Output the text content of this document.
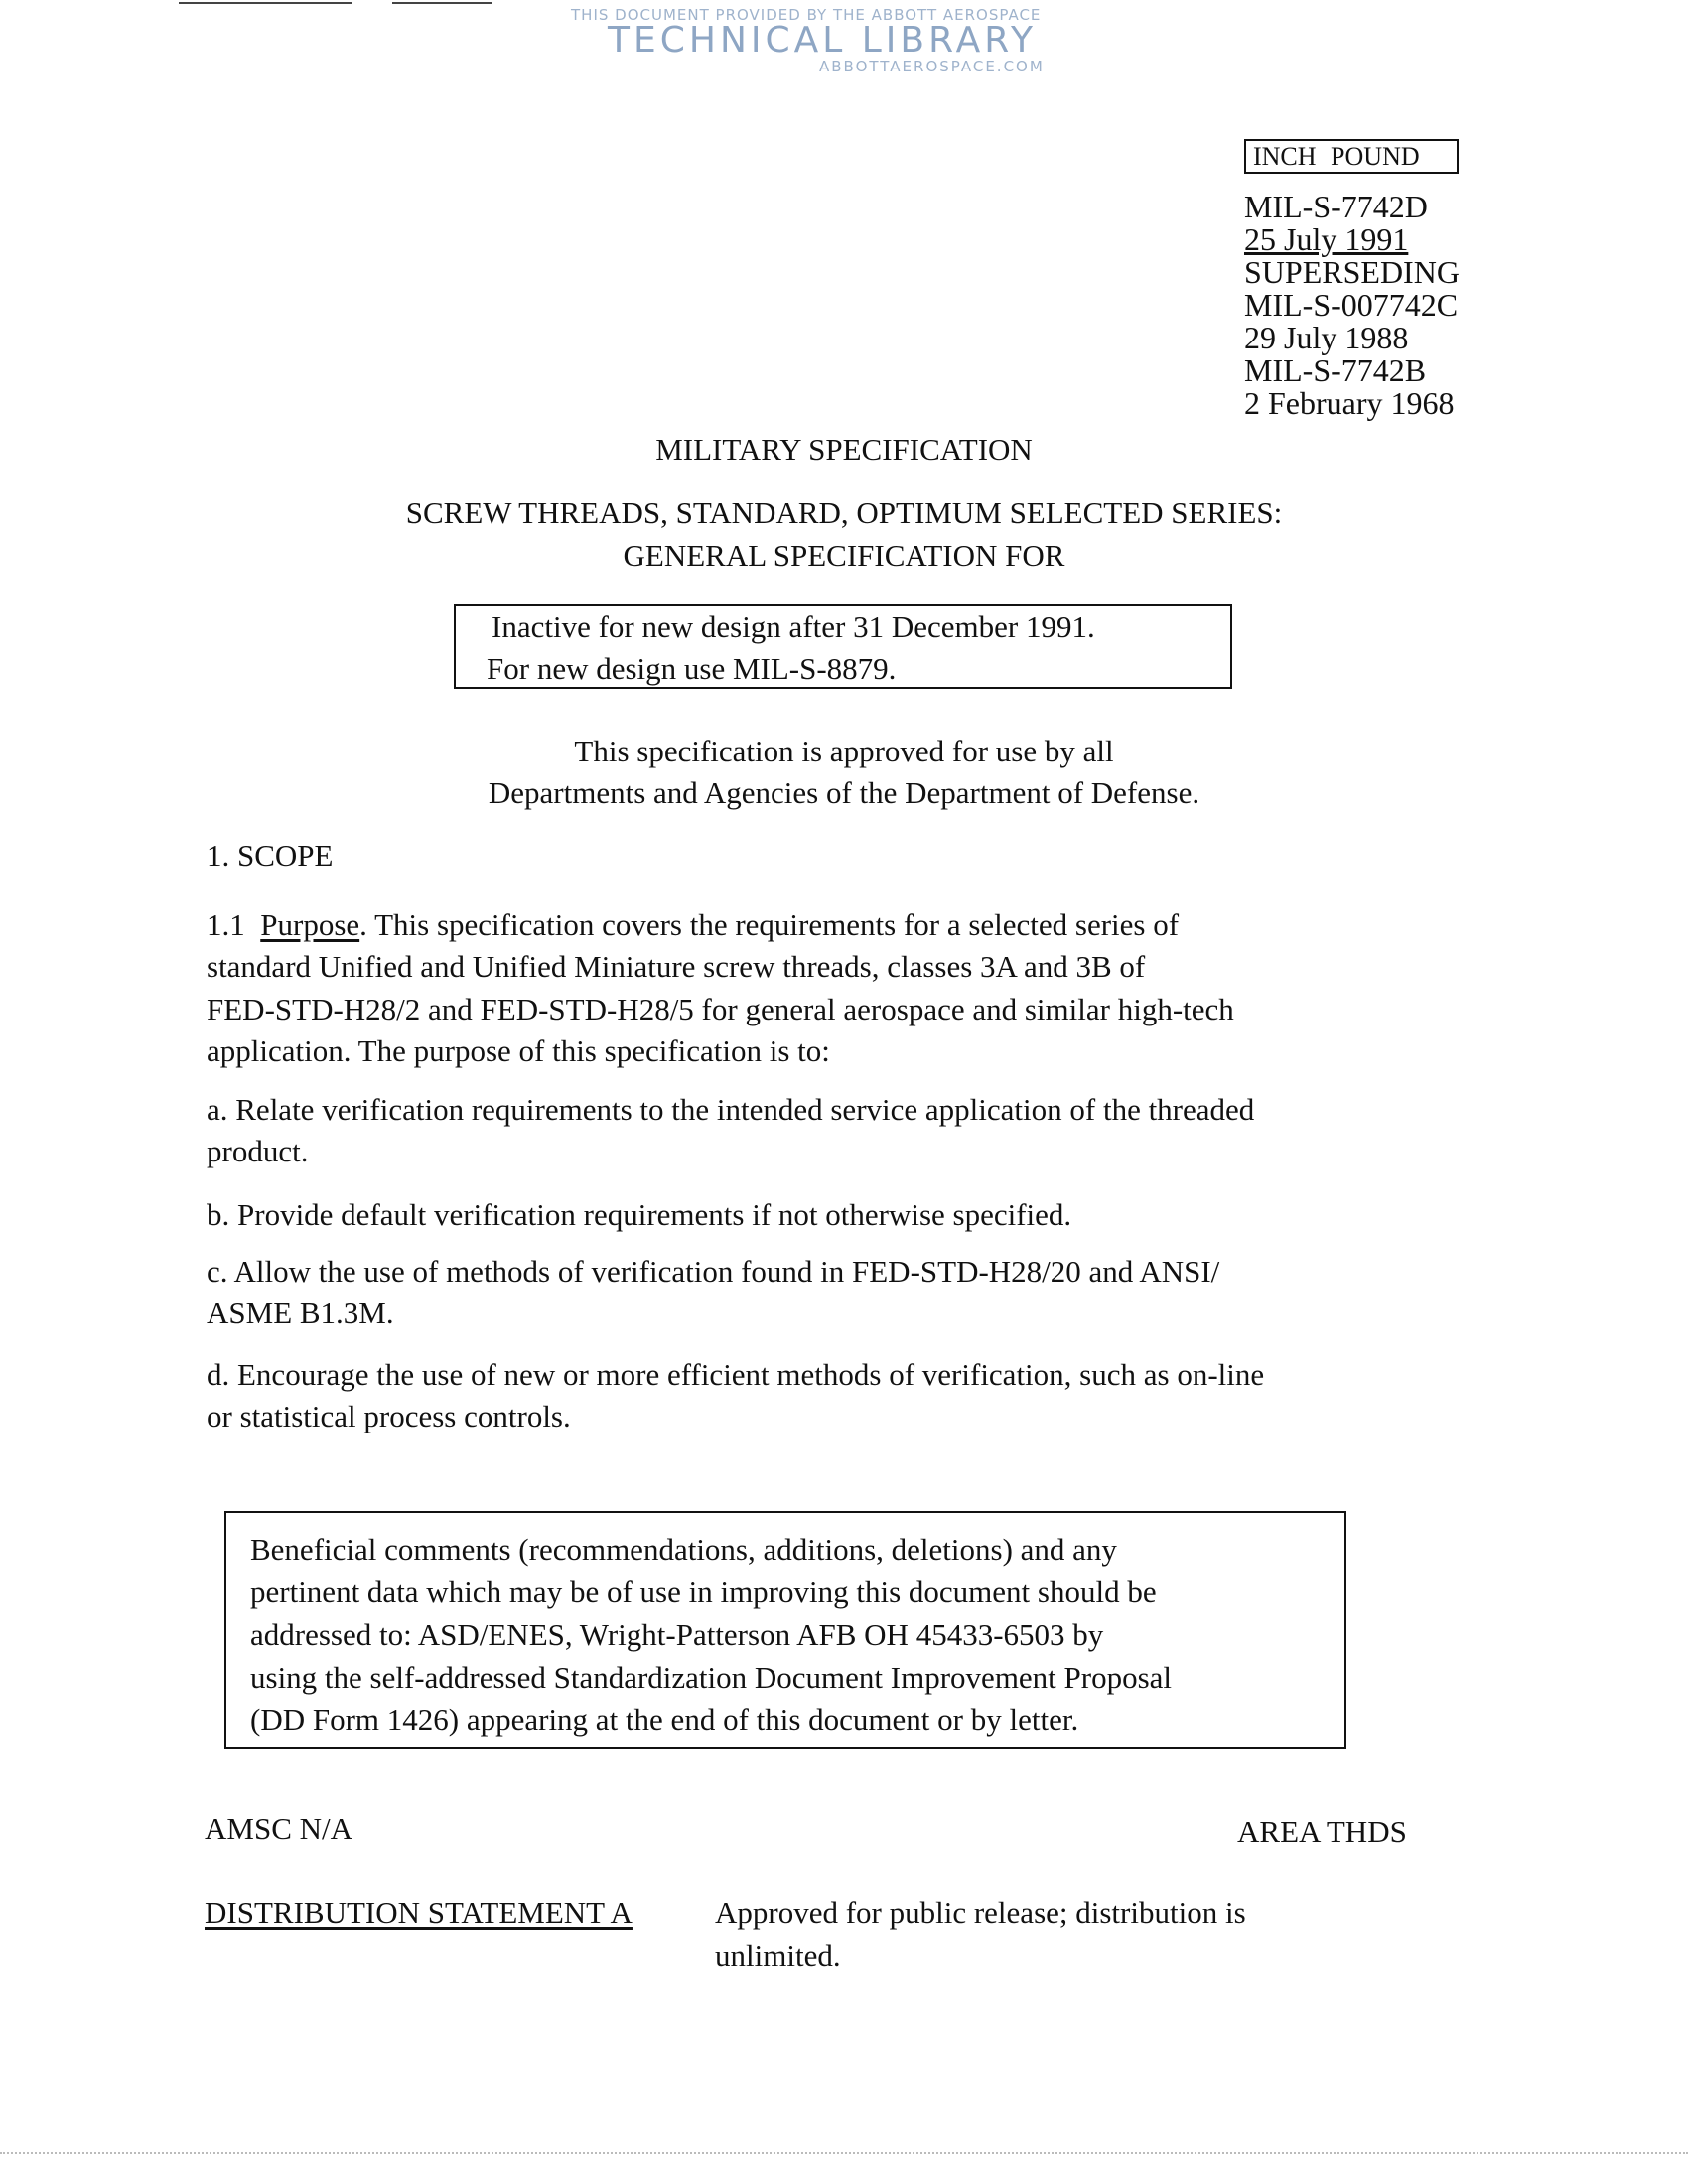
THIS DOCUMENT PROVIDED BY THE ABBOTT AEROSPACE
TECHNICAL LIBRARY
ABBOTTAEROSPACE.COM
INCH POUND
MIL-S-7742D
25 July 1991
SUPERSEDING
MIL-S-007742C
29 July 1988
MIL-S-7742B
2 February 1968
MILITARY SPECIFICATION
SCREW THREADS, STANDARD, OPTIMUM SELECTED SERIES:
GENERAL SPECIFICATION FOR
Inactive for new design after 31 December 1991.
For new design use MIL-S-8879.
This specification is approved for use by all
Departments and Agencies of the Department of Defense.
1. SCOPE
1.1 Purpose. This specification covers the requirements for a selected series of
standard Unified and Unified Miniature screw threads, classes 3A and 3B of
FED-STD-H28/2 and FED-STD-H28/5 for general aerospace and similar high-tech
application. The purpose of this specification is to:
a. Relate verification requirements to the intended service application of the threaded
product.
b. Provide default verification requirements if not otherwise specified.
c. Allow the use of methods of verification found in FED-STD-H28/20 and ANSI/
ASME B1.3M.
d. Encourage the use of new or more efficient methods of verification, such as on-line
or statistical process controls.
Beneficial comments (recommendations, additions, deletions) and any
pertinent data which may be of use in improving this document should be
addressed to: ASD/ENES, Wright-Patterson AFB OH 45433-6503 by
using the self-addressed Standardization Document Improvement Proposal
(DD Form 1426) appearing at the end of this document or by letter.
AMSC N/A	AREA THDS
DISTRIBUTION STATEMENT A	Approved for public release; distribution is
unlimited.
